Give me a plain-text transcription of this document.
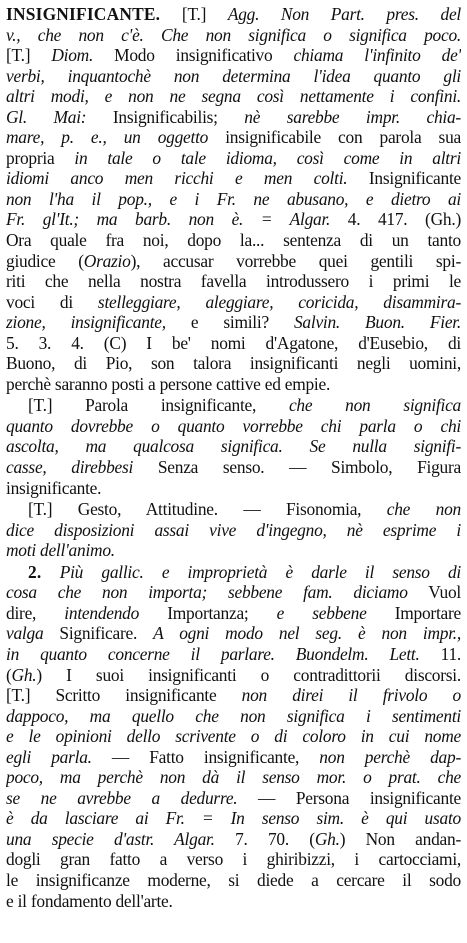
INSIGNIFICANTE. [T.] Agg. Non Part. pres. del
v., che non c'è. Che non significa o significa poco.
[T.] Diom. Modo insignificativo chiama l'infinito de'
verbi, inquantochè non determina l'idea quanto gli
altri modi, e non ne segna così nettamente i confini.
Gl. Mai: Insignificabilis; nè sarebbe impr. chia-
mare, p. e., un oggetto insignificabile con parola sua
propria in tale o tale idioma, così come in altri
idiomi anco men ricchi e men colti. Insignificante
non l'ha il pop., e i Fr. ne abusano, e dietro ai
Fr. gl'It.; ma barb. non è. = Algar. 4. 417. (Gh.)
Ora quale fra noi, dopo la... sentenza di un tanto
giudice (Orazio), accusar vorrebbe quei gentili spi-
riti che nella nostra favella introdussero i primi le
voci di stelleggiare, aleggiare, coricida, disammira-
zione, insignificante, e simili? Salvin. Buon. Fier.
5. 3. 4. (C) I be' nomi d'Agatone, d'Eusebio, di
Buono, di Pio, son talora insignificanti negli uomini,
perchè saranno posti a persone cattive ed empie.
[T.] Parola insignificante, che non significa
quanto dovrebbe o quanto vorrebbe chi parla o chi
ascolta, ma qualcosa significa. Se nulla signifi-
casse, direbbesi Senza senso. — Simbolo, Figura
insignificante.
[T.] Gesto, Attitudine. — Fisonomia, che non
dice disposizioni assai vive d'ingegno, nè esprime i
moti dell'animo.
2. Più gallic. e improprietà è darle il senso di
cosa che non importa; sebbene fam. diciamo Vuol
dire, intendendo Importanza; e sebbene Importare
valga Significare. A ogni modo nel seg. è non impr.,
in quanto concerne il parlare. Buondelm. Lett. 11.
(Gh.) I suoi insignificanti o contradittorii discorsi.
[T.] Scritto insignificante non direi il frivolo o
dappoco, ma quello che non significa i sentimenti
e le opinioni dello scrivente o di coloro in cui nome
egli parla. — Fatto insignificante, non perchè dap-
poco, ma perchè non dà il senso mor. o prat. che
se ne avrebbe a dedurre. — Persona insignificante
è da lasciare ai Fr. = In senso sim. è qui usato
una specie d'astr. Algar. 7. 70. (Gh.) Non andan-
dogli gran fatto a verso i ghiribizzi, i cartocciami,
le insignificanze moderne, si diede a cercare il sodo
e il fondamento dell'arte.
